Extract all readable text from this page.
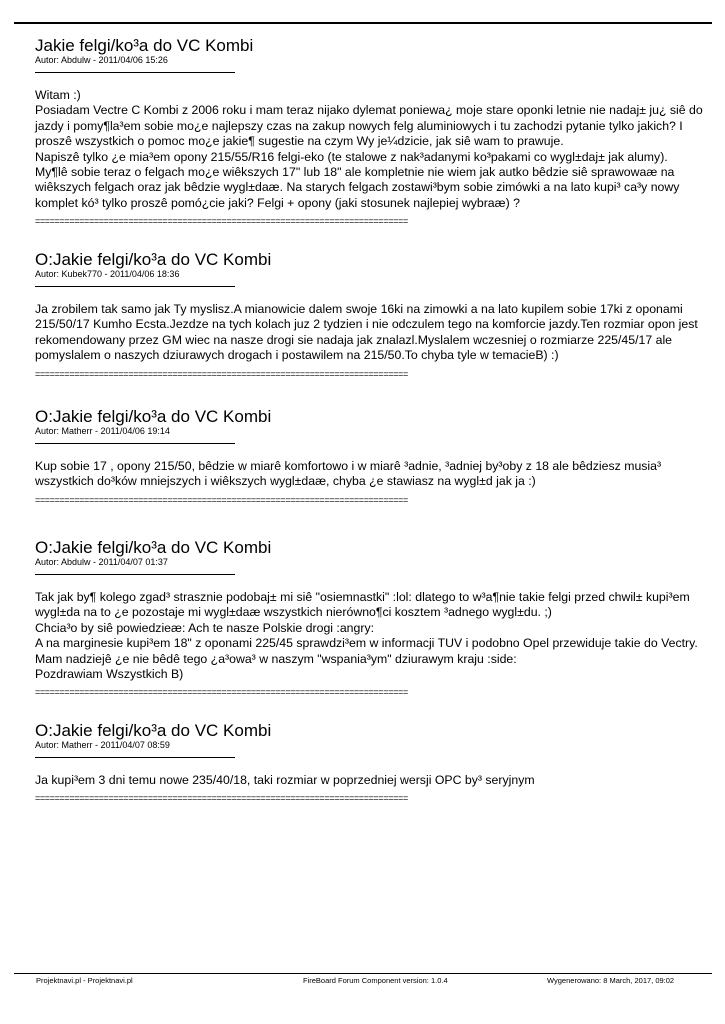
Jakie felgi/ko³a do VC Kombi
Autor: Abdulw - 2011/04/06 15:26
Witam :)
Posiadam Vectre C Kombi z 2006 roku i mam teraz nijako dylemat poniewa¿ moje stare oponki letnie nie nadaj± ju¿ siê do jazdy i pomy¶la³em sobie mo¿e najlepszy czas na zakup nowych felg aluminiowych i tu zachodzi pytanie tylko jakich? I proszê wszystkich o pomoc mo¿e jakie¶ sugestie na czym Wy je¼dzicie, jak siê wam to prawuje.
Napiszê tylko ¿e mia³em opony 215/55/R16 felgi-eko (te stalowe z nak³adanymi ko³pakami co wygl±daj± jak alumy).
My¶lê sobie teraz o felgach mo¿e wiêkszych 17" lub 18" ale kompletnie nie wiem jak autko bêdzie siê sprawowaæ na wiêkszych felgach oraz jak bêdzie wygl±daæ. Na starych felgach zostawi³bym sobie zimówki a na lato kupi³ ca³y nowy komplet kó³ tylko proszê pomó¿cie jaki? Felgi + opony (jaki stosunek najlepiej wybraæ) ?
============================================================================
O:Jakie felgi/ko³a do VC Kombi
Autor: Kubek770 - 2011/04/06 18:36
Ja zrobilem tak samo jak Ty myslisz.A mianowicie dalem swoje 16ki na zimowki a na lato kupilem sobie 17ki z oponami 215/50/17 Kumho Ecsta.Jezdze na tych kolach juz 2 tydzien i nie odczulem tego na komforcie jazdy.Ten rozmiar opon jest rekomendowany przez GM wiec na nasze drogi sie nadaja jak znalazl.Myslalem wczesniej o rozmiarze 225/45/17 ale pomyslalem o naszych dziurawych drogach i postawilem na 215/50.To chyba tyle w temacieB) :)
============================================================================
O:Jakie felgi/ko³a do VC Kombi
Autor: Matherr - 2011/04/06 19:14
Kup sobie 17 , opony 215/50, bêdzie w miarê komfortowo i w miarê ³adnie, ³adniej by³oby z 18 ale bêdziesz musia³ wszystkich do³ków mniejszych i wiêkszych wygl±daæ, chyba ¿e stawiasz na wygl±d jak ja :)
============================================================================
O:Jakie felgi/ko³a do VC Kombi
Autor: Abdulw - 2011/04/07 01:37
Tak jak by¶ kolego zgad³ strasznie podobaj± mi siê "osiemnastki" :lol: dlatego to w³a¶nie takie felgi przed chwil± kupi³em wygl±da na to ¿e pozostaje mi wygl±daæ wszystkich nierówno¶ci kosztem ³adnego wygl±du. ;)
Chcia³o by siê powiedzieæ: Ach te nasze Polskie drogi :angry:
A na marginesie kupi³em 18" z oponami 225/45 sprawdzi³em w informacji TUV i podobno Opel przewiduje takie do Vectry. Mam nadziejê ¿e nie bêdê tego ¿a³owa³ w naszym "wspania³ym" dziurawym kraju :side:
Pozdrawiam Wszystkich B)
============================================================================
O:Jakie felgi/ko³a do VC Kombi
Autor: Matherr - 2011/04/07 08:59
Ja kupi³em 3 dni temu nowe 235/40/18, taki rozmiar w poprzedniej wersji OPC by³ seryjnym
============================================================================
Projektnavi.pl - Projektnavi.pl	FireBoard Forum Component version: 1.0.4	Wygenerowano: 8 March, 2017, 09:02
